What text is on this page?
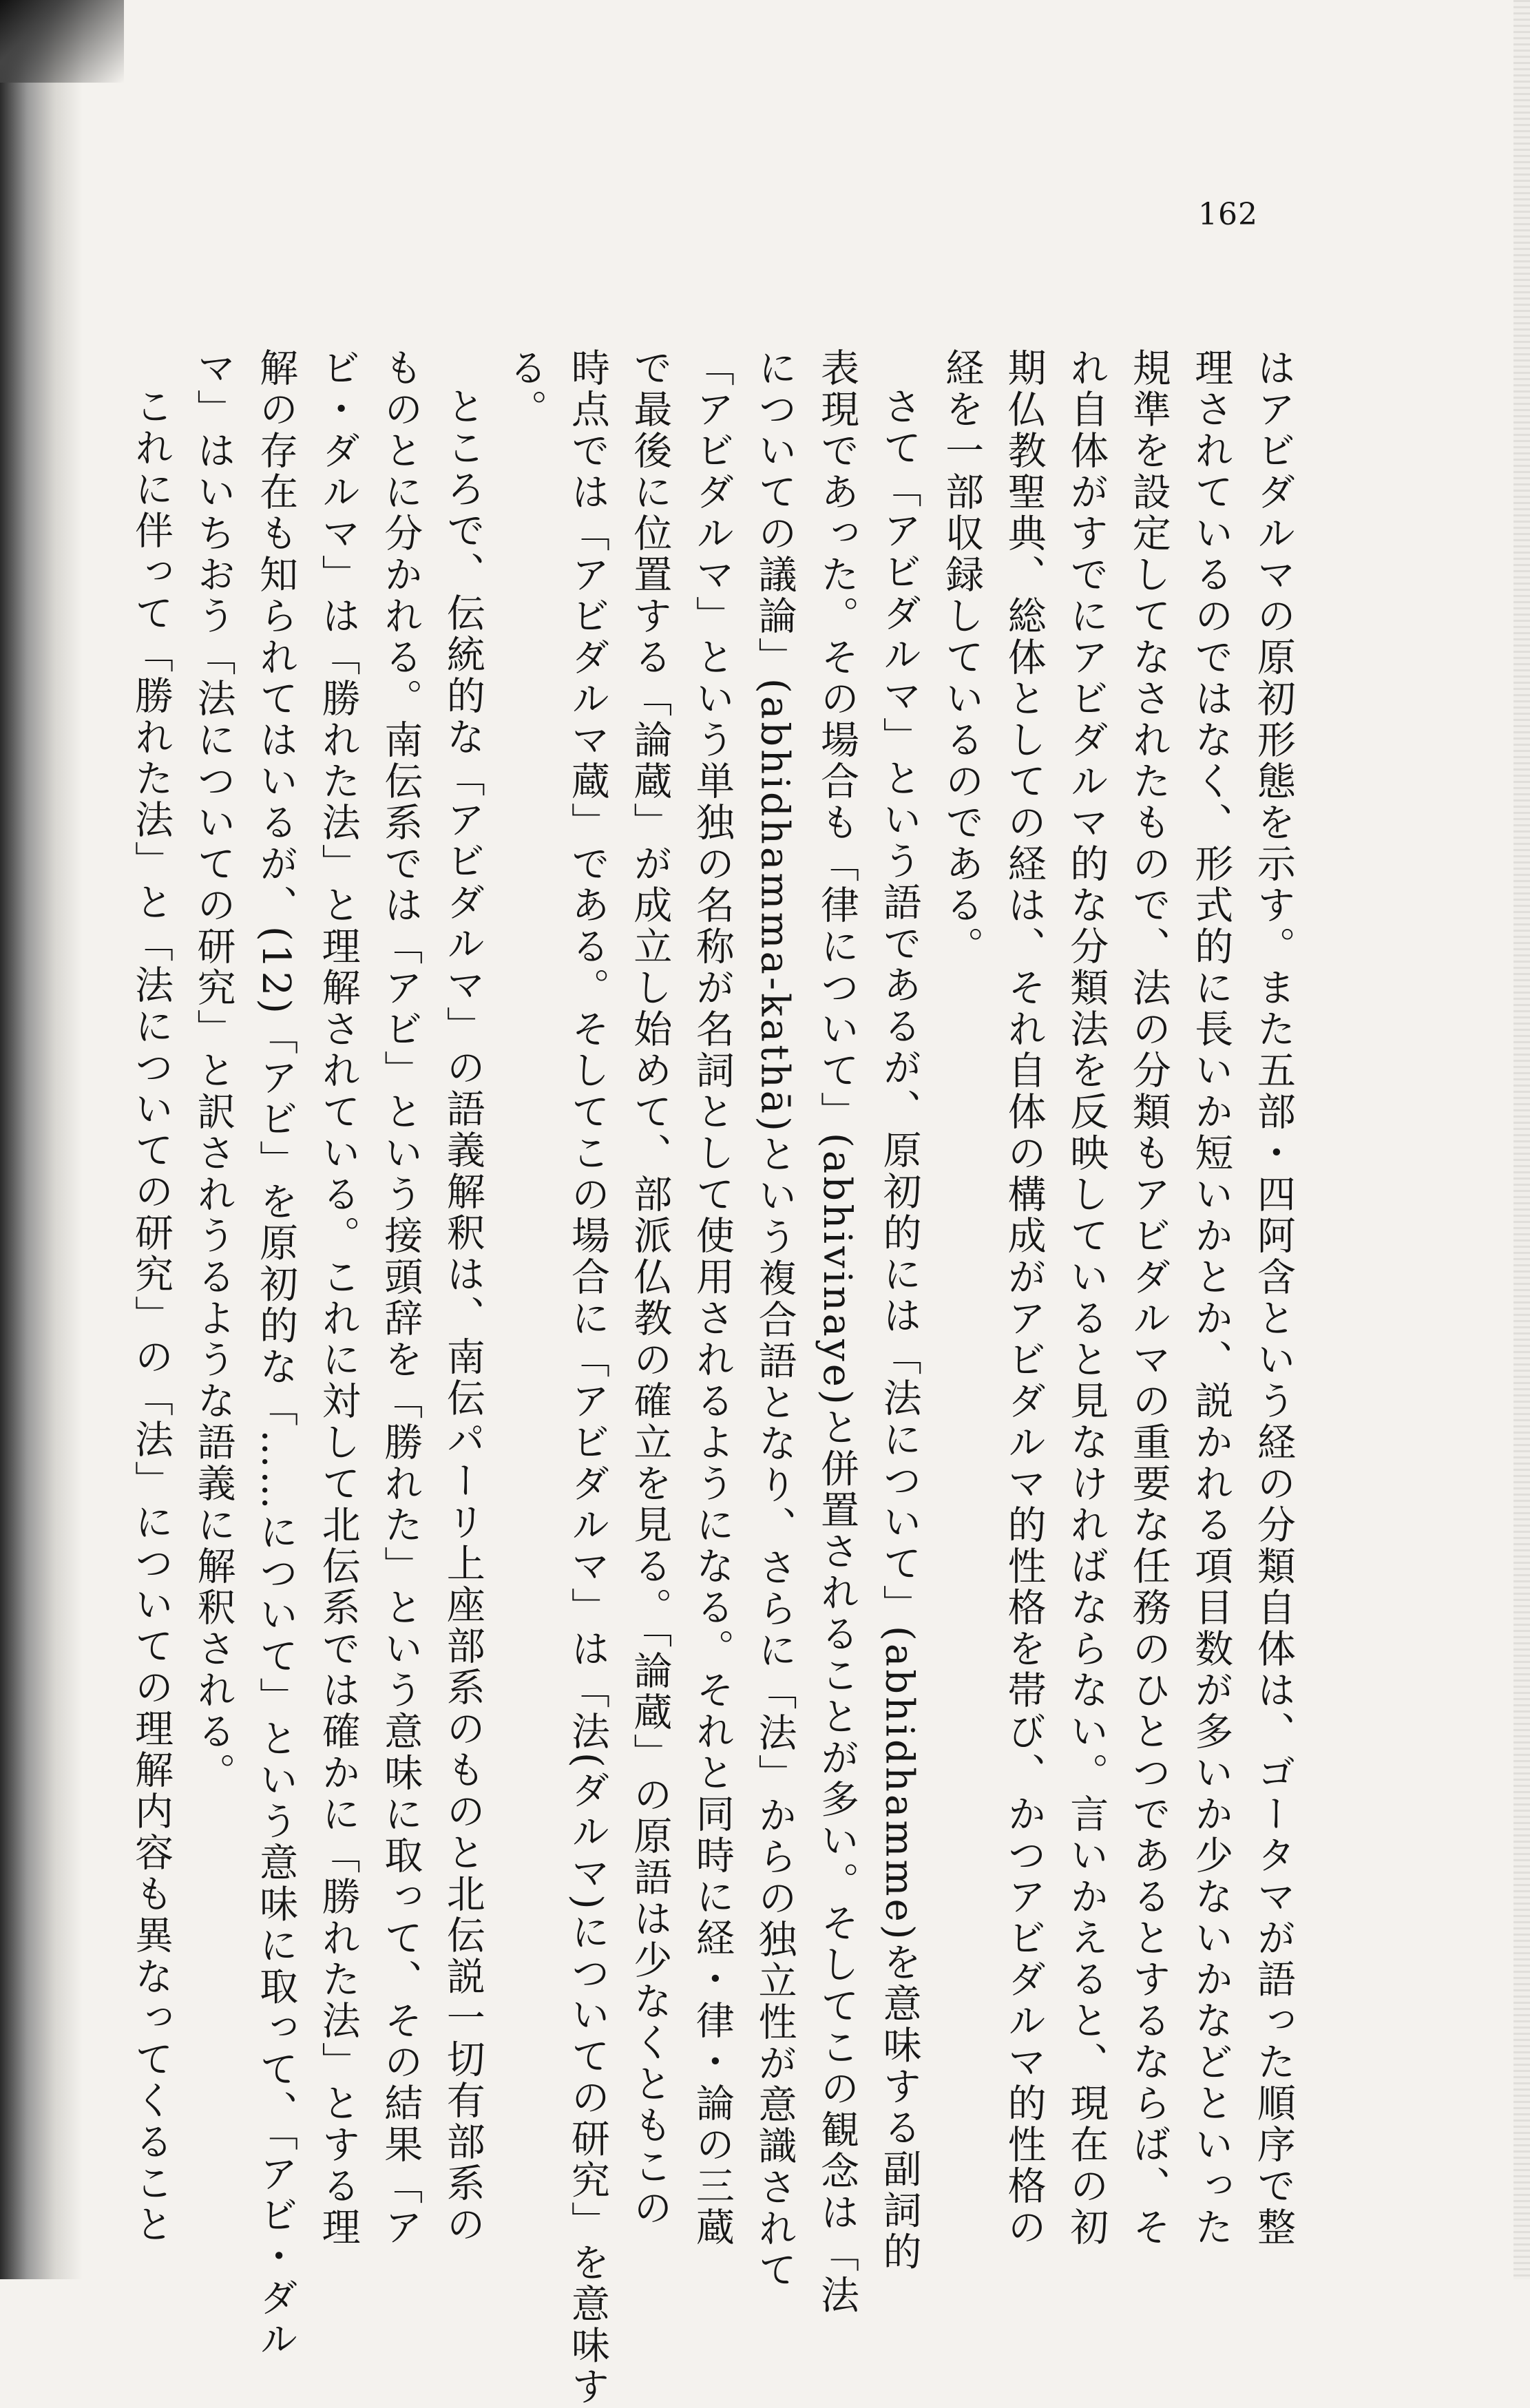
162
はアビダルマの原初形態を示す。また五部・四阿含という経の分類自体は、ゴータマが語った順序で整
理されているのではなく、形式的に長いか短いかとか、説かれる項目数が多いか少ないかなどといった
規準を設定してなされたもので、法の分類もアビダルマの重要な任務のひとつであるとするならば、そ
れ自体がすでにアビダルマ的な分類法を反映していると見なければならない。言いかえると、現在の初
期仏教聖典、総体としての経は、それ自体の構成がアビダルマ的性格を帯び、かつアビダルマ的性格の
経を一部収録しているのである。
さて「アビダルマ」という語であるが、原初的には「法について」(abhidhamme)を意味する副詞的
表現であった。その場合も「律について」(abhivinaye)と併置されることが多い。そしてこの観念は「法
についての議論」(abhidhamma-kathā)という複合語となり、さらに「法」からの独立性が意識されて
「アビダルマ」という単独の名称が名詞として使用されるようになる。それと同時に経・律・論の三蔵
で最後に位置する「論蔵」が成立し始めて、部派仏教の確立を見る。「論蔵」の原語は少なくともこの
時点では「アビダルマ蔵」である。そしてこの場合に「アビダルマ」は「法(ダルマ)についての研究」を意味す
る。
ところで、伝統的な「アビダルマ」の語義解釈は、南伝パーリ上座部系のものと北伝説一切有部系の
ものとに分かれる。南伝系では「アビ」という接頭辞を「勝れた」という意味に取って、その結果「ア
ビ・ダルマ」は「勝れた法」と理解されている。これに対して北伝系では確かに「勝れた法」とする理
解の存在も知られてはいるが、(12)「アビ」を原初的な「……について」という意味に取って、「アビ・ダル
マ」はいちおう「法についての研究」と訳されうるような語義に解釈される。
これに伴って「勝れた法」と「法についての研究」の「法」についての理解内容も異なってくること
